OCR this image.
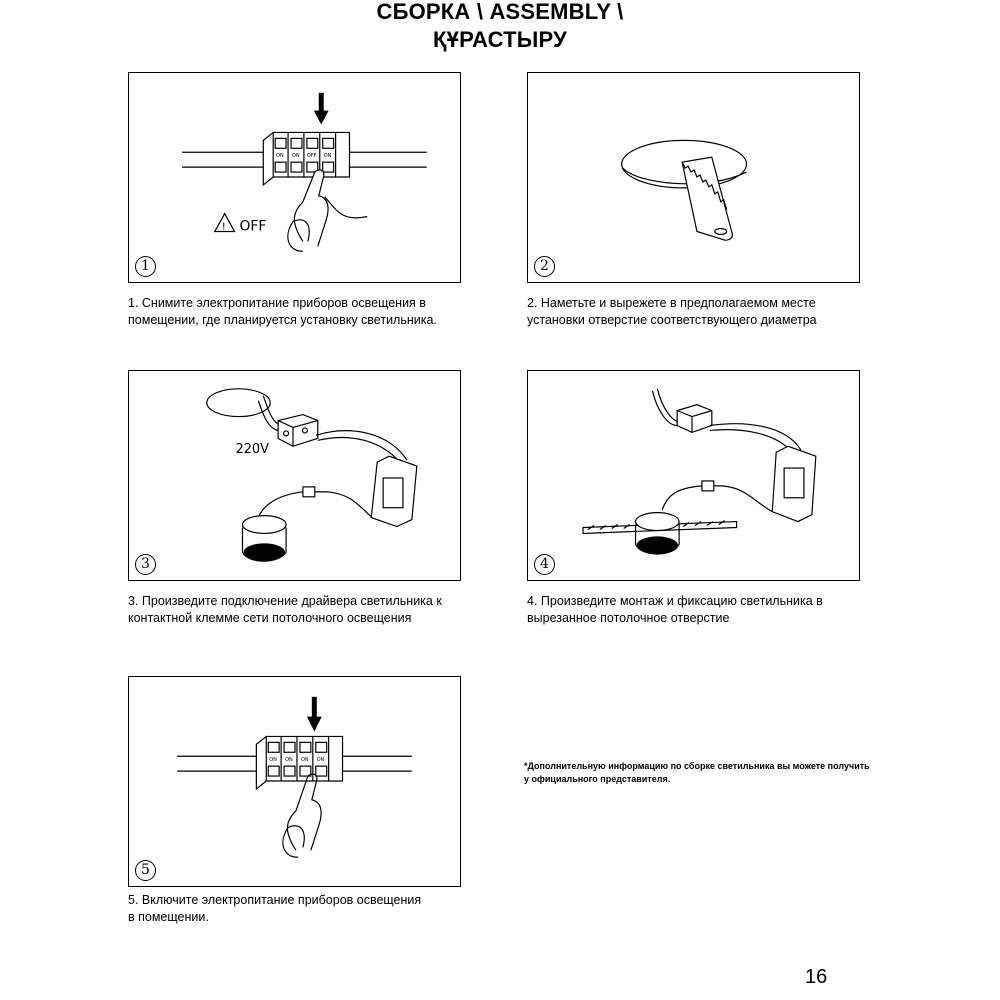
СБОРКА \ ASSEMBLY \
ҚҰРАСТЫРУ
ON ON OFF ON
! OFF
1
1. Снимите электропитание приборов освещения в
помещении, где планируется установку светильника.
2
2. Наметьте и вырежете в предполагаемом месте
установки отверстие соответствующего диаметра
220V
3
3. Произведите подключение драйвера светильника к
контактной клемме сети потолочного освещения
4
4. Произведите монтаж и фиксацию светильника в
вырезанное потолочное отверстие
ON ON ON ON
5
5. Включите электропитание приборов освещения
в помещении.
*Дополнительную информацию по сборке светильника вы можете получить
у официального представителя.
16
